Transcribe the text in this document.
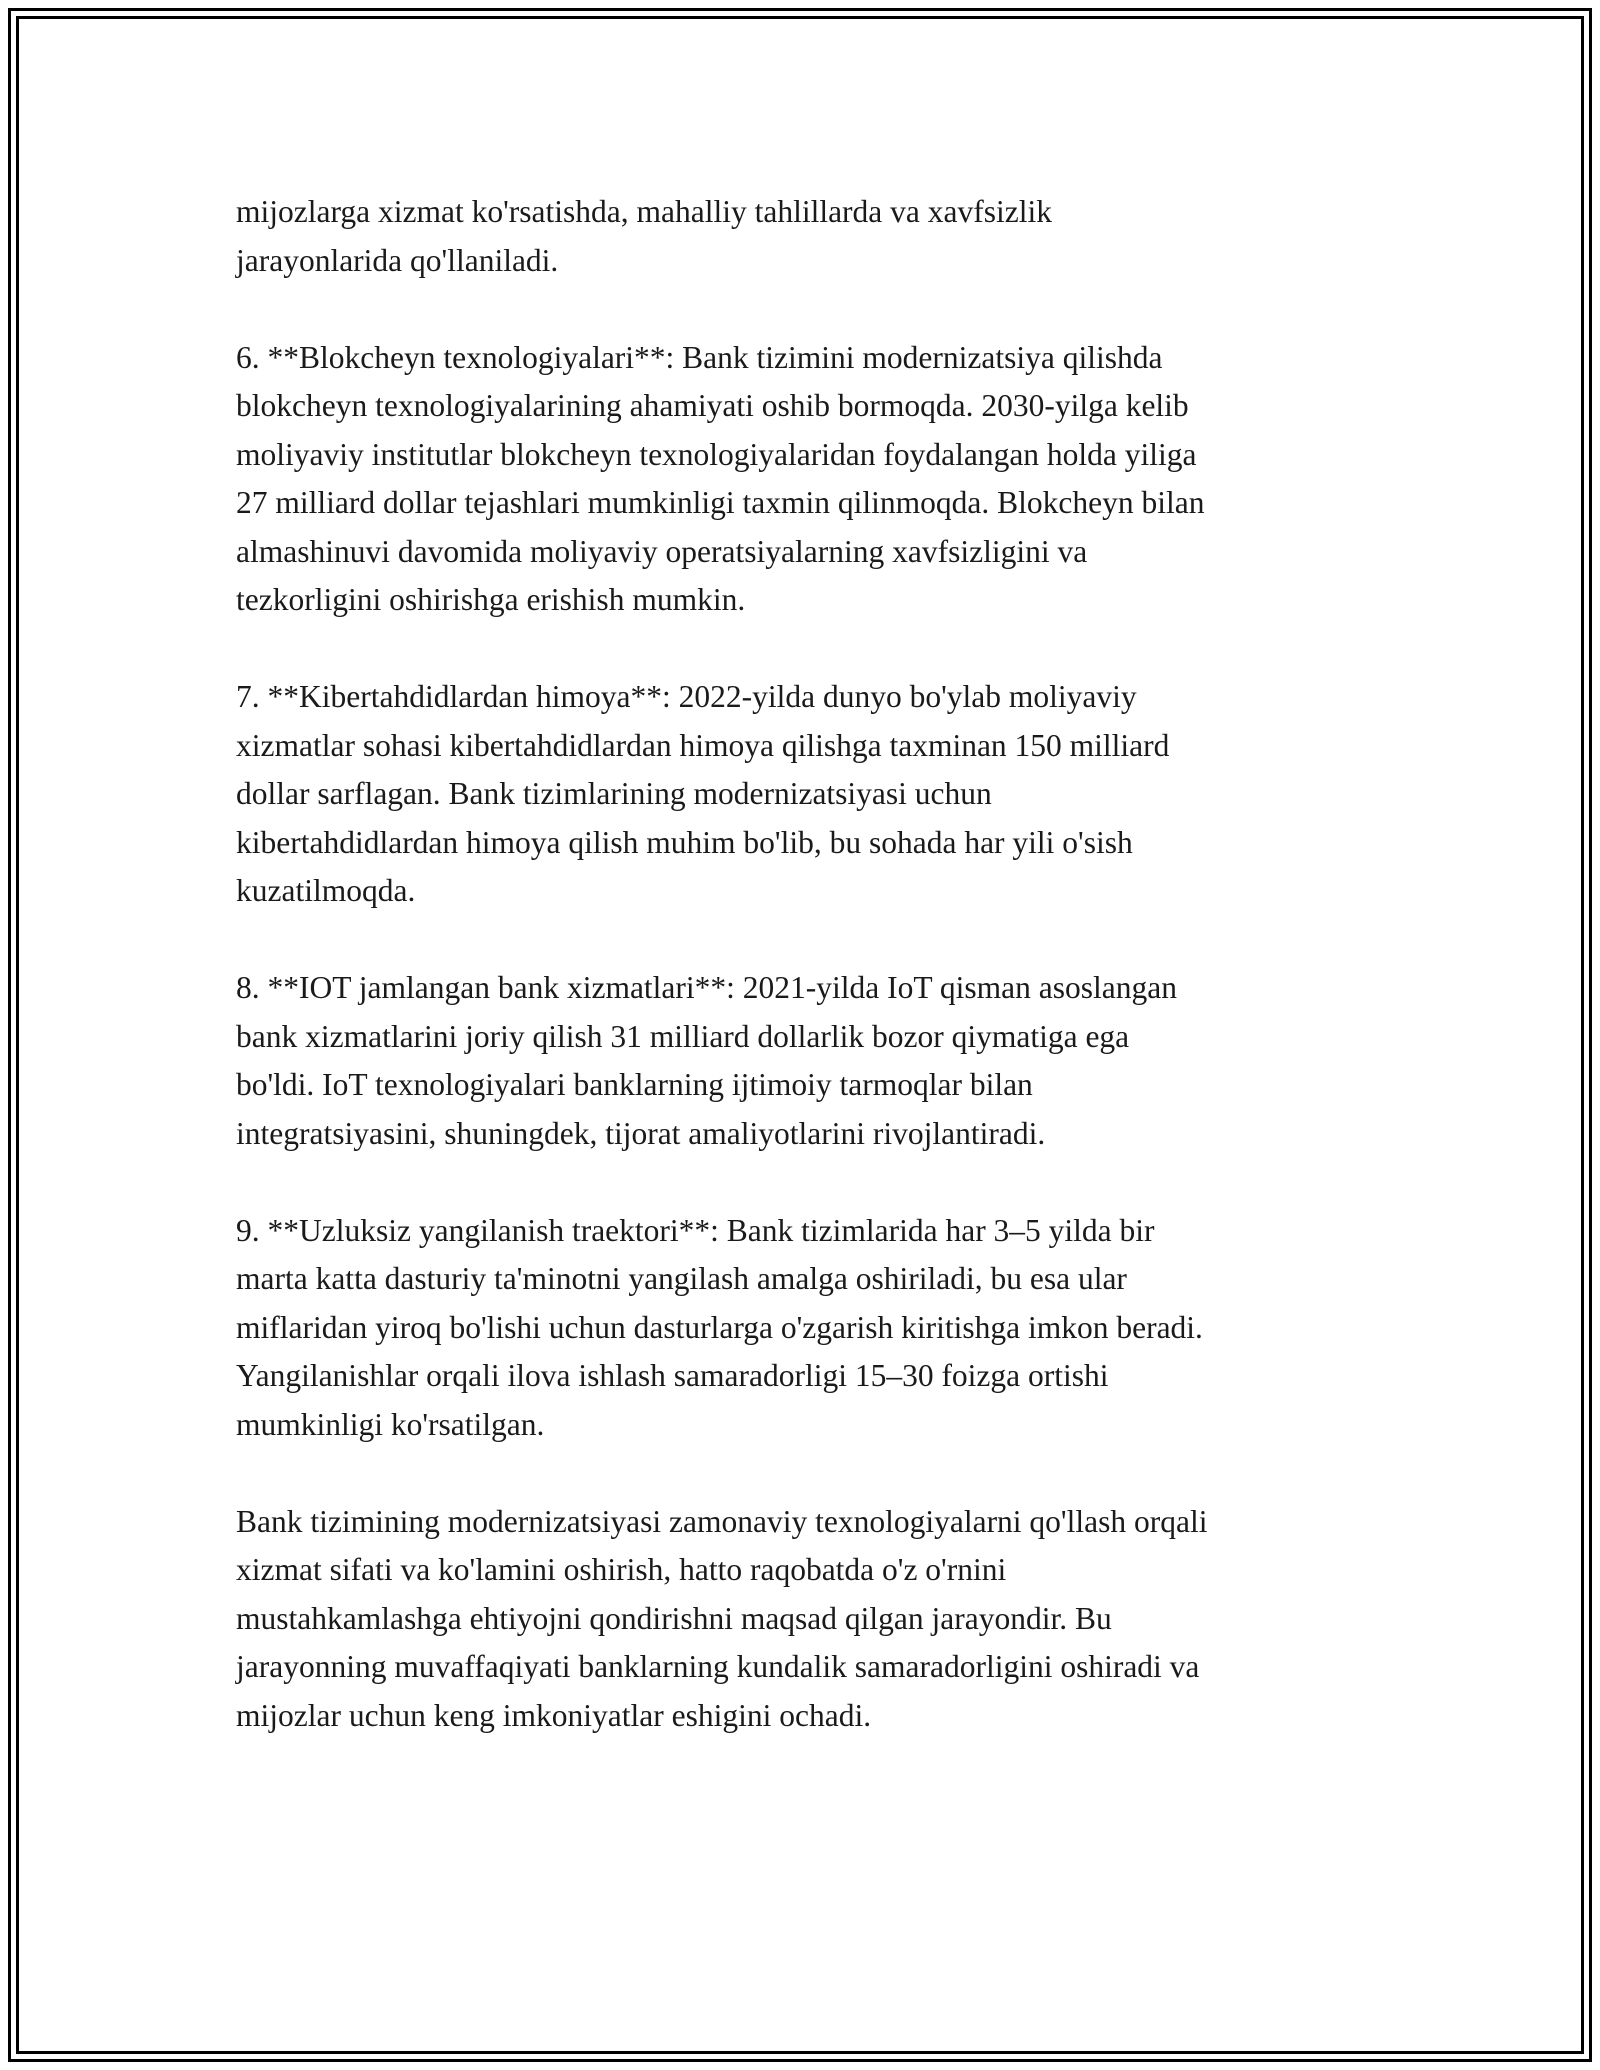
mijozlarga xizmat ko'rsatishda, mahalliy tahlillarda va xavfsizlik
jarayonlarida qo'llaniladi.

6. **Blokcheyn texnologiyalari**: Bank tizimini modernizatsiya qilishda
blokcheyn texnologiyalarining ahamiyati oshib bormoqda. 2030-yilga kelib
moliyaviy institutlar blokcheyn texnologiyalaridan foydalangan holda yiliga
27 milliard dollar tejashlari mumkinligi taxmin qilinmoqda. Blokcheyn bilan
almashinuvi davomida moliyaviy operatsiyalarning xavfsizligini va
tezkorligini oshirishga erishish mumkin.

7. **Kibertahdidlardan himoya**: 2022-yilda dunyo bo'ylab moliyaviy
xizmatlar sohasi kibertahdidlardan himoya qilishga taxminan 150 milliard
dollar sarflagan. Bank tizimlarining modernizatsiyasi uchun
kibertahdidlardan himoya qilish muhim bo'lib, bu sohada har yili o'sish
kuzatilmoqda.

8. **IOT jamlangan bank xizmatlari**: 2021-yilda IoT qisman asoslangan
bank xizmatlarini joriy qilish 31 milliard dollarlik bozor qiymatiga ega
bo'ldi. IoT texnologiyalari banklarning ijtimoiy tarmoqlar bilan
integratsiyasini, shuningdek, tijorat amaliyotlarini rivojlantiradi.

9. **Uzluksiz yangilanish traektori**: Bank tizimlarida har 3–5 yilda bir
marta katta dasturiy ta'minotni yangilash amalga oshiriladi, bu esa ular
miflaridan yiroq bo'lishi uchun dasturlarga o'zgarish kiritishga imkon beradi.
Yangilanishlar orqali ilova ishlash samaradorligi 15–30 foizga ortishi
mumkinligi ko'rsatilgan.

Bank tizimining modernizatsiyasi zamonaviy texnologiyalarni qo'llash orqali
xizmat sifati va ko'lamini oshirish, hatto raqobatda o'z o'rnini
mustahkamlashga ehtiyojni qondirishni maqsad qilgan jarayondir. Bu
jarayonning muvaffaqiyati banklarning kundalik samaradorligini oshiradi va
mijozlar uchun keng imkoniyatlar eshigini ochadi.
